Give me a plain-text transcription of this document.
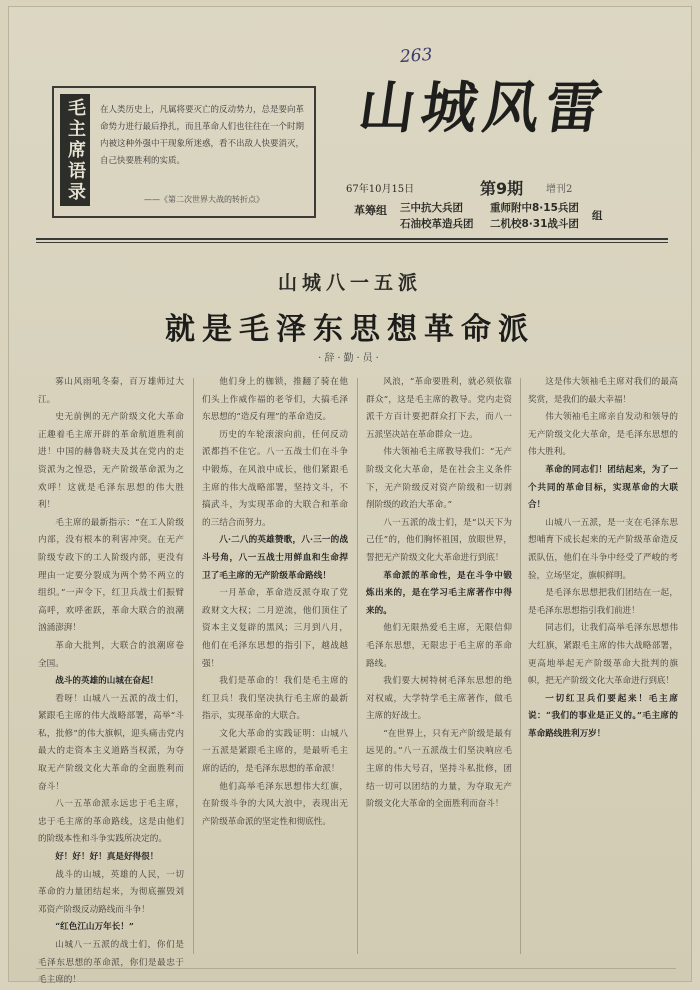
263
毛主席语录	在人类历史上，凡属将要灭亡的反动势力，总是要向革命势力进行最后挣扎，而且革命人们也往往在一个时期内被这种外强中干现象所迷惑，看不出敌人快要消灭，自己快要胜利的实质。
——《第二次世界大战的转折点》
山城风雷
67年10月15日	第9期 增刊2
革筹组 三中抗大兵团	重师附中8·15兵团
石油校革造兵团 二机校8·31战斗团
组
山城八一五派
就是毛泽东思想革命派
·辞·勤·员·

雾山风雨吼冬秦，百万雄师过大江。

史无前例的无产阶级文化大革命正趣着毛主席开辟的革命航道胜利前进！中国的赫鲁晓夫及其在党内的走资派为之惶恐，无产阶级革命派为之欢呼！这就是毛泽东思想的伟大胜利！

毛主席的最新指示：“在工人阶级内部，没有根本的利害冲突。在无产阶级专政下的工人阶级内部，更没有理由一定要分裂成为两个势不两立的组织。”一声令下，红卫兵战士们振臂高呼，欢呼雀跃，革命大联合的浪潮汹涌澎湃！

革命大批判，大联合的浪潮席卷全国。

战斗的英雄的山城在奋起！

看呀！山城八一五派的战士们，紧跟毛主席的伟大战略部署，高举“斗私，批修”的伟大旗帜，迎头痛击党内最大的走资本主义道路当权派，为夺取无产阶级文化大革命的全面胜利而奋斗！

八一五革命派永远忠于毛主席，忠于毛主席的革命路线，这是由他们的阶级本性和斗争实践所决定的。

好！好！好！真是好得很！

战斗的山城，英雄的人民，一切革命的力量团结起来，为彻底摧毁刘邓资产阶级反动路线而斗争！

“红色江山万年长！”

山城八一五派的战士们，你们是毛泽东思想的革命派，你们是最忠于毛主席的！

他们身上的枷锁，推翻了骑在他们头上作威作福的老爷们，大搞毛泽东思想的“造反有理”的革命造反。

历史的车轮滚滚向前，任何反动派都挡不住它。八一五战士们在斗争中锻炼，在风浪中成长，他们紧跟毛主席的伟大战略部署，坚持文斗，不搞武斗，为实现革命的大联合和革命的三结合而努力。

八·二八的英雄赞歌，八·三一的战斗号角，八一五战士用鲜血和生命捍卫了毛主席的无产阶级革命路线！

一月革命，革命造反派夺取了党政财文大权；二月逆流，他们顶住了资本主义复辟的黑风；三月到八月，他们在毛泽东思想的指引下，越战越强！

我们是革命的！我们是毛主席的红卫兵！我们坚决执行毛主席的最新指示，实现革命的大联合。

文化大革命的实践证明：山城八一五派是紧跟毛主席的，是最听毛主席的话的，是毛泽东思想的革命派！

他们高举毛泽东思想伟大红旗，在阶级斗争的大风大浪中，表现出无产阶级革命派的坚定性和彻底性。

风浪，“革命要胜利，就必须依靠群众”，这是毛主席的教导。党内走资派千方百计要把群众打下去，而八一五派坚决站在革命群众一边。

伟大领袖毛主席教导我们：“无产阶级文化大革命，是在社会主义条件下，无产阶级反对资产阶级和一切剥削阶级的政治大革命。”

八一五派的战士们，是“以天下为己任”的，他们胸怀祖国，放眼世界，誓把无产阶级文化大革命进行到底！

革命派的革命性，是在斗争中锻炼出来的，是在学习毛主席著作中得来的。

他们无限热爱毛主席，无限信仰毛泽东思想，无限忠于毛主席的革命路线。

我们要大树特树毛泽东思想的绝对权威，大学特学毛主席著作，做毛主席的好战士。

“在世界上，只有无产阶级是最有远见的。”八一五派战士们坚决响应毛主席的伟大号召，坚持斗私批修，团结一切可以团结的力量，为夺取无产阶级文化大革命的全面胜利而奋斗！

这是伟大领袖毛主席对我们的最高奖赏，是我们的最大幸福！

伟大领袖毛主席亲自发动和领导的无产阶级文化大革命，是毛泽东思想的伟大胜利。

革命的同志们！团结起来，为了一个共同的革命目标，实现革命的大联合！

山城八一五派，是一支在毛泽东思想哺育下成长起来的无产阶级革命造反派队伍，他们在斗争中经受了严峻的考验，立场坚定，旗帜鲜明。

是毛泽东思想把我们团结在一起，是毛泽东思想指引我们前进！

同志们，让我们高举毛泽东思想伟大红旗，紧跟毛主席的伟大战略部署，更高地举起无产阶级革命大批判的旗帜，把无产阶级文化大革命进行到底！

一切红卫兵们要起来！毛主席说：“我们的事业是正义的。”毛主席的革命路线胜利万岁！
